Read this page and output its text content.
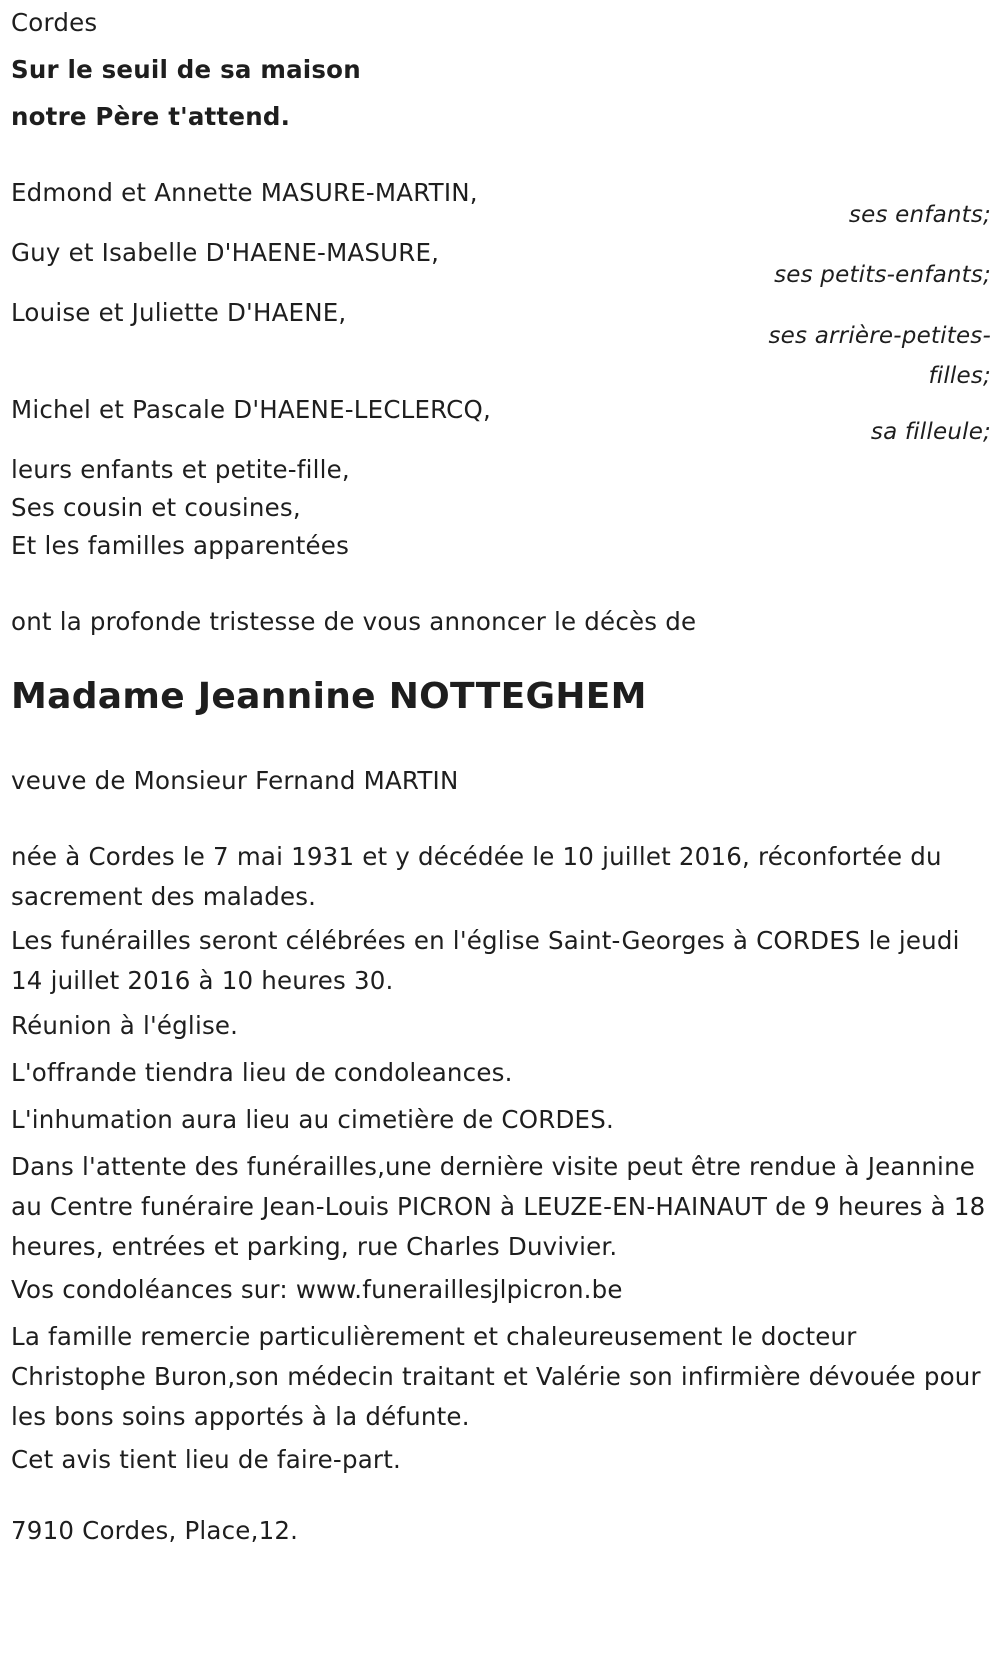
Cordes
Sur le seuil de sa maison
notre Père t'attend.
Edmond et Annette MASURE-MARTIN,
ses enfants;
Guy et Isabelle D'HAENE-MASURE,
ses petits-enfants;
Louise et Juliette D'HAENE,
ses arrière-petites-filles;
Michel et Pascale D'HAENE-LECLERCQ,
sa filleule;
leurs enfants et petite-fille,
Ses cousin et cousines,
Et les familles apparentées
ont la profonde tristesse de vous annoncer le décès de
Madame Jeannine NOTTEGHEM
veuve de Monsieur Fernand MARTIN
née à Cordes le 7 mai 1931 et y décédée le 10 juillet 2016, réconfortée du sacrement des malades.
Les funérailles seront célébrées en l'église Saint-Georges à CORDES le jeudi 14 juillet 2016 à 10 heures 30.
Réunion à l'église.
L'offrande tiendra lieu de condoleances.
L'inhumation aura lieu au cimetière de CORDES.
Dans l'attente des funérailles,une dernière visite peut être rendue à Jeannine au Centre funéraire Jean-Louis PICRON à LEUZE-EN-HAINAUT de 9 heures à 18 heures, entrées et parking, rue Charles Duvivier.
Vos condoléances sur: www.funerailles​jlpicron.be
La famille remercie particulièrement et chaleureusement le docteur Christophe Buron,son médecin traitant et Valérie son infirmière dévouée pour les bons soins apportés à la défunte.
Cet avis tient lieu de faire-part.
7910 Cordes, Place,12.
